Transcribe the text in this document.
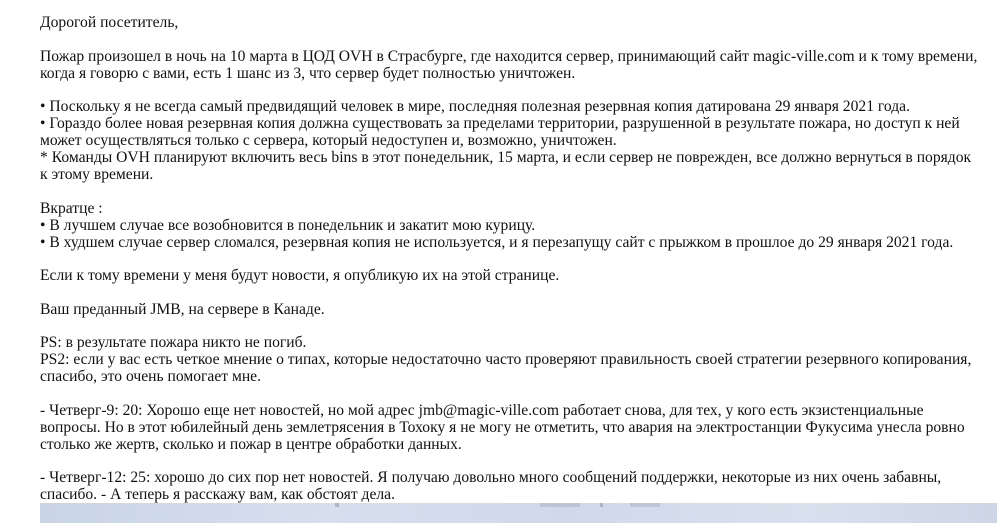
Дорогой посетитель,

Пожар произошел в ночь на 10 марта в ЦОД OVH в Страсбурге, где находится сервер, принимающий сайт magic-ville.com и к тому времени, когда я говорю с вами, есть 1 шанс из 3, что сервер будет полностью уничтожен.

• Поскольку я не всегда самый предвидящий человек в мире, последняя полезная резервная копия датирована 29 января 2021 года.
• Гораздо более новая резервная копия должна существовать за пределами территории, разрушенной в результате пожара, но доступ к ней может осуществляться только с сервера, который недоступен и, возможно, уничтожен.
* Команды OVH планируют включить весь bins в этот понедельник, 15 марта, и если сервер не поврежден, все должно вернуться в порядок к этому времени.

Вкратце :
• В лучшем случае все возобновится в понедельник и закатит мою курицу.
• В худшем случае сервер сломался, резервная копия не используется, и я перезапущу сайт с прыжком в прошлое до 29 января 2021 года.

Если к тому времени у меня будут новости, я опубликую их на этой странице.

Ваш преданный JMB, на сервере в Канаде.

PS: в результате пожара никто не погиб.
PS2: если у вас есть четкое мнение о типах, которые недостаточно часто проверяют правильность своей стратегии резервного копирования, спасибо, это очень помогает мне.

- Четверг-9: 20: Хорошо еще нет новостей, но мой адрес jmb@magic-ville.com работает снова, для тех, у кого есть экзистенциальные вопросы. Но в этот юбилейный день землетрясения в Тохоку я не могу не отметить, что авария на электростанции Фукусима унесла ровно столько же жертв, сколько и пожар в центре обработки данных.

- Четверг-12: 25: хорошо до сих пор нет новостей. Я получаю довольно много сообщений поддержки, некоторые из них очень забавны, спасибо. - А теперь я расскажу вам, как обстоят дела.
